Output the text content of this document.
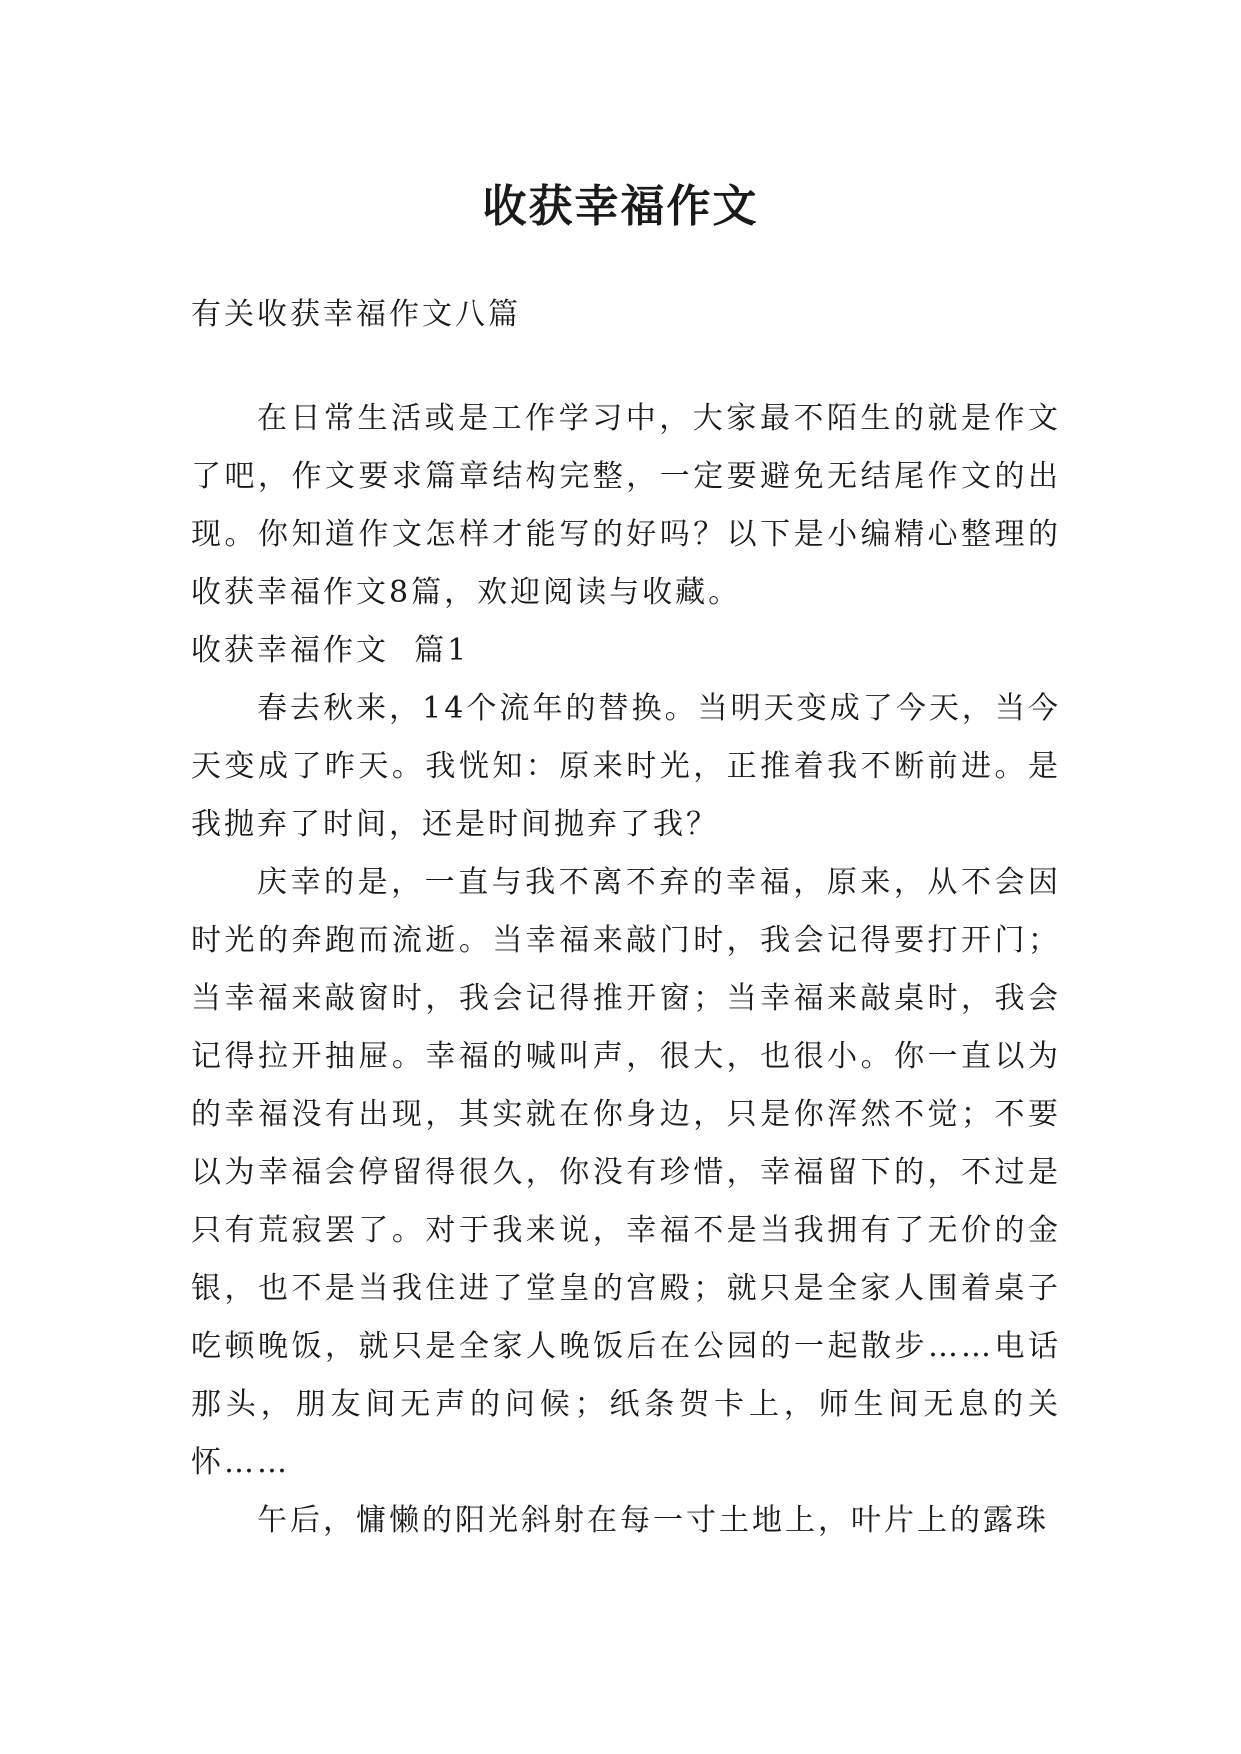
收获幸福作文

有关收获幸福作文八篇

在日常生活或是工作学习中，大家最不陌生的就是作文了吧，作文要求篇章结构完整，一定要避免无结尾作文的出现。你知道作文怎样才能写的好吗？以下是小编精心整理的收获幸福作文8篇，欢迎阅读与收藏。

收获幸福作文  篇1

春去秋来，14个流年的替换。当明天变成了今天，当今天变成了昨天。我恍知：原来时光，正推着我不断前进。是我抛弃了时间，还是时间抛弃了我？

庆幸的是，一直与我不离不弃的幸福，原来，从不会因时光的奔跑而流逝。当幸福来敲门时，我会记得要打开门；当幸福来敲窗时，我会记得推开窗；当幸福来敲桌时，我会记得拉开抽屉。幸福的喊叫声，很大，也很小。你一直以为的幸福没有出现，其实就在你身边，只是你浑然不觉；不要以为幸福会停留得很久，你没有珍惜，幸福留下的，不过是只有荒寂罢了。对于我来说，幸福不是当我拥有了无价的金银，也不是当我住进了堂皇的宫殿；就只是全家人围着桌子吃顿晚饭，就只是全家人晚饭后在公园的一起散步……电话那头，朋友间无声的问候；纸条贺卡上，师生间无息的关怀……

午后，慵懒的阳光斜射在每一寸土地上，叶片上的露珠
